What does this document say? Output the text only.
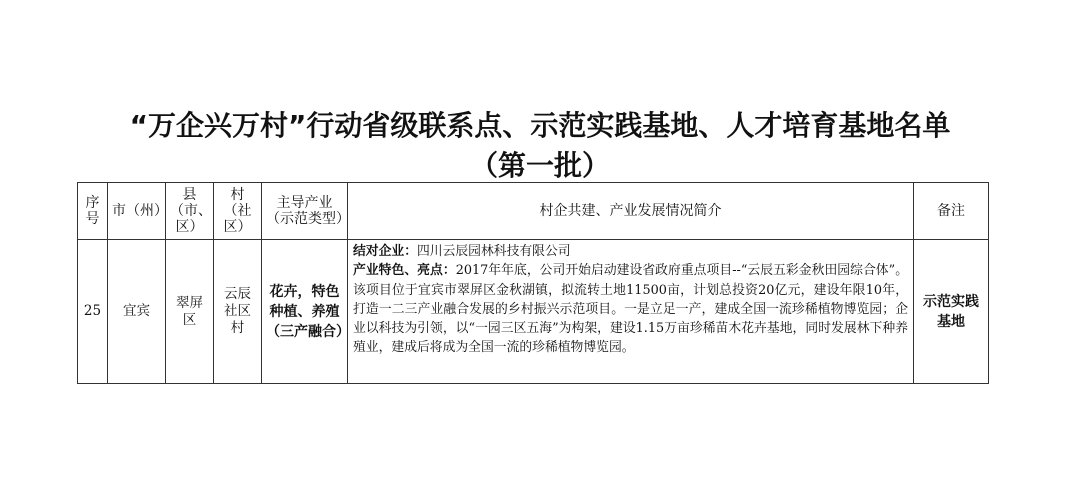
“万企兴万村”行动省级联系点、示范实践基地、人才培育基地名单
（第一批）
序号	市（州）	县（市、区）	村（社区）	主导产业（示范类型）	村企共建、产业发展情况简介	备注
25	宜宾	翠屏区	云辰社区村	花卉，特色种植、养殖（三产融合）	结对企业：四川云辰园林科技有限公司
产业特色、亮点：2017年年底，公司开始启动建设省政府重点项目--“云辰五彩金秋田园综合体”。该项目位于宜宾市翠屏区金秋湖镇，拟流转土地11500亩，计划总投资20亿元，建设年限10年，打造一二三产业融合发展的乡村振兴示范项目。一是立足一产，建成全国一流珍稀植物博览园；企业以科技为引领，以“一园三区五海”为构架，建设1.15万亩珍稀苗木花卉基地，同时发展林下种养殖业，建成后将成为全国一流的珍稀植物博览园。	示范实践基地
